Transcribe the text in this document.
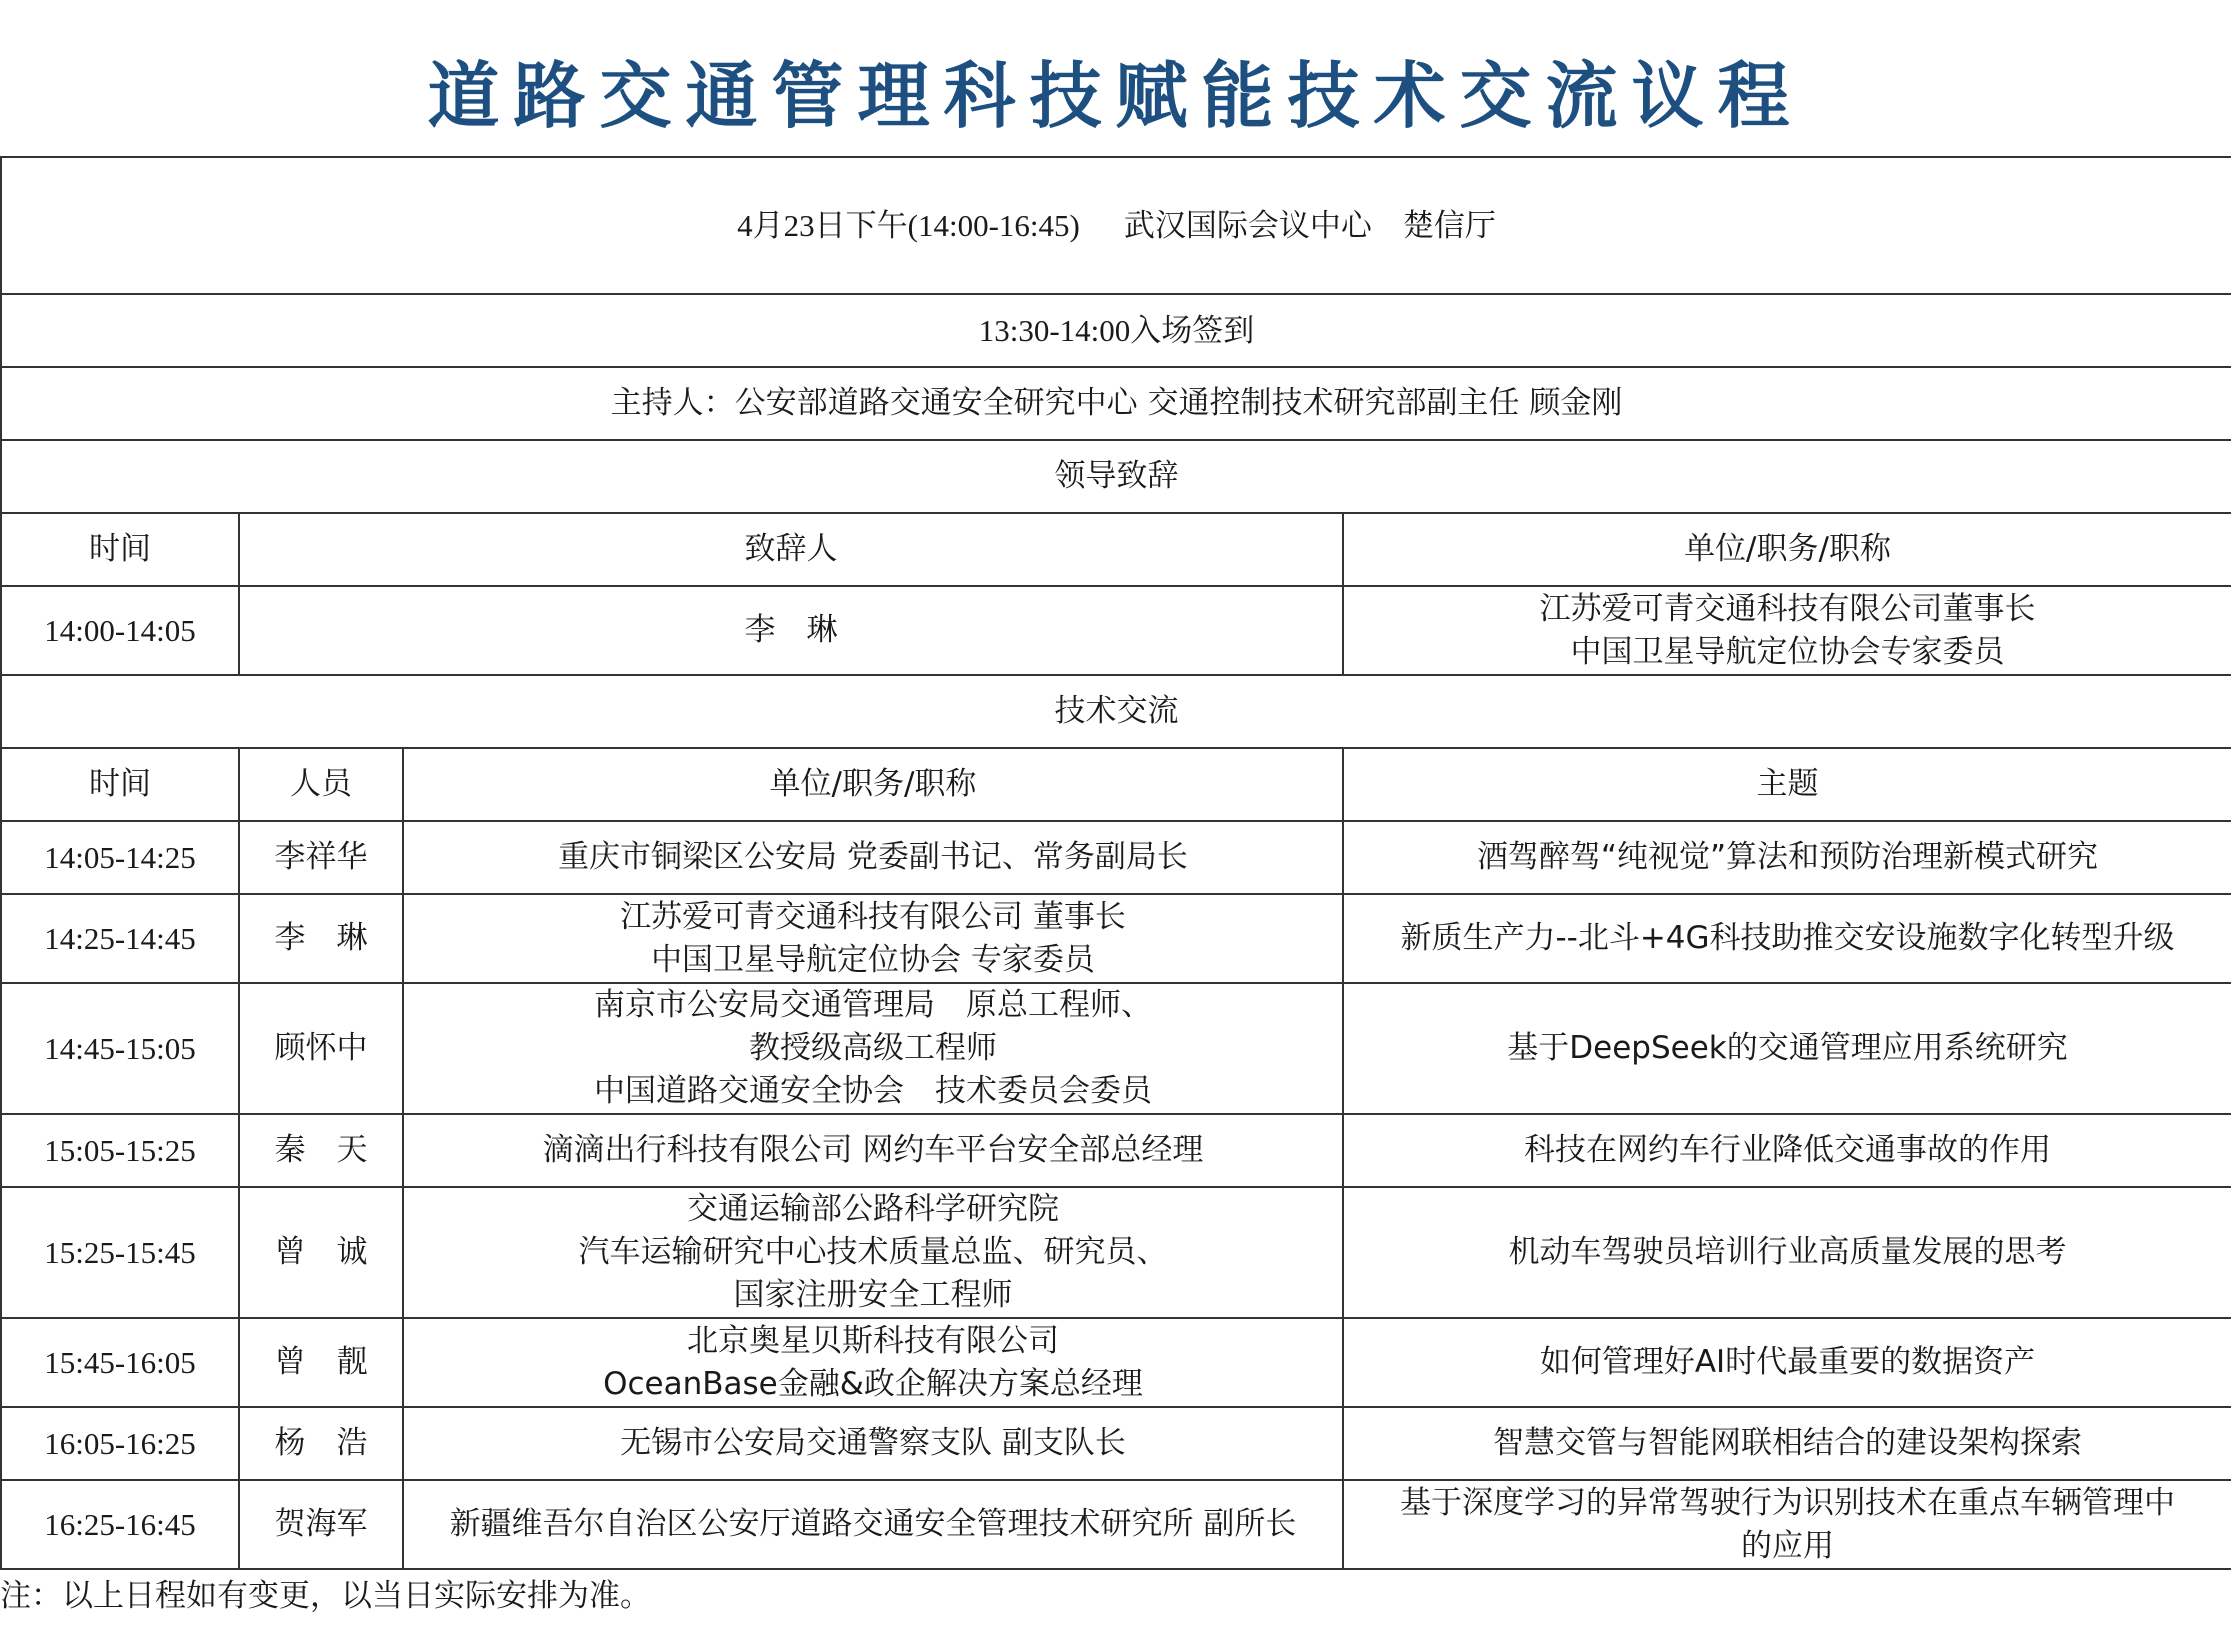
道路交通管理科技赋能技术交流议程
4月23日下午(14:00-16:45) 武汉国际会议中心　楚信厅			
13:30-14:00入场签到			
主持人：公安部道路交通安全研究中心 交通控制技术研究部副主任 顾金刚			
领导致辞			
时间	致辞人		单位/职务/职称
14:00-14:05	李　琳		江苏爱可青交通科技有限公司董事长
中国卫星导航定位协会专家委员

技术交流			
时间	人员	单位/职务/职称	主题
14:05-14:25	李祥华	重庆市铜梁区公安局 党委副书记、常务副局长	酒驾醉驾“纯视觉”算法和预防治理新模式研究

14:25-14:45	李　琳	江苏爱可青交通科技有限公司 董事长
中国卫星导航定位协会 专家委员	新质生产力--北斗+4G科技助推交安设施数字化转型升级

14:45-15:05	顾怀中	南京市公安局交通管理局　原总工程师、
教授级高级工程师
中国道路交通安全协会　技术委员会委员	基于DeepSeek的交通管理应用系统研究

15:05-15:25	秦　天	滴滴出行科技有限公司 网约车平台安全部总经理	科技在网约车行业降低交通事故的作用

15:25-15:45	曾　诚	交通运输部公路科学研究院
汽车运输研究中心技术质量总监、研究员、
国家注册安全工程师	机动车驾驶员培训行业高质量发展的思考

15:45-16:05	曾　靓	北京奥星贝斯科技有限公司
OceanBase金融&政企解决方案总经理	如何管理好AI时代最重要的数据资产

16:05-16:25	杨　浩	无锡市公安局交通警察支队 副支队长	智慧交管与智能网联相结合的建设架构探索

16:25-16:45	贺海军	新疆维吾尔自治区公安厅道路交通安全管理技术研究所 副所长	基于深度学习的异常驾驶行为识别技术在重点车辆管理中
的应用
注：以上日程如有变更，以当日实际安排为准。
